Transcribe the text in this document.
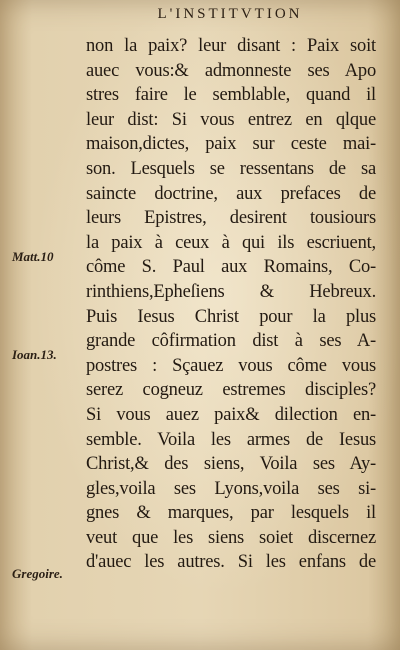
L'INSTITVTION
non la paix? leur disant : Paix soit
auec vous:& admonneste ses Apo
stres faire le semblable, quand il
leur dist: Si vous entrez en qlque
maison,dictes, paix sur ceste mai-
son. Lesquels se ressentans de sa
saincte doctrine, aux prefaces de
leurs Epistres, desirent tousiours
la paix à ceux à qui ils escriuent,
côme S. Paul aux Romains, Co-
rinthiens,Epheſiens & Hebreux.
Puis Iesus Christ pour la plus
grande côfirmation dist à ses A-
postres : Sçauez vous côme vous
serez cogneuz estremes disciples?
Si vous auez paix& dilection en-
semble. Voila les armes de Iesus
Christ,& des siens, Voila ses Ay-
gles,voila ses Lyons,voila ses si-
gnes & marques, par lesquels il
veut que les siens soiet discernez
d'auec les autres. Si les enfans de
Matt.10
Ioan.13.
Gregoire.
